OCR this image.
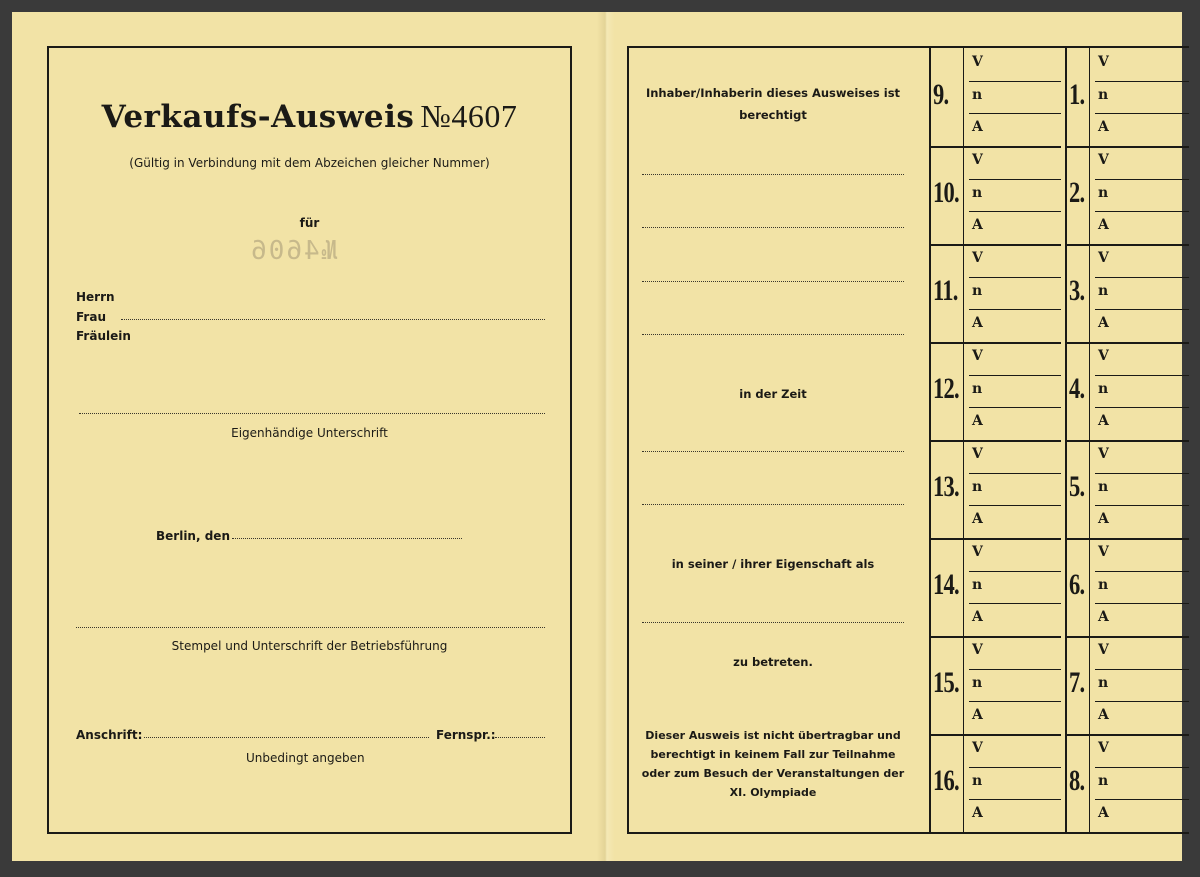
Verkaufs-Ausweis №4607
(Gültig in Verbindung mit dem Abzeichen gleicher Nummer)
für
№4606
Herrn
Frau
Fräulein
Eigenhändige Unterschrift
Berlin, den
Stempel und Unterschrift der Betriebsführung
Anschrift:	Fernspr.:
Unbedingt angeben
Inhaber/Inhaberin dieses Ausweises ist
berechtigt
in der Zeit
in seiner / ihrer Eigenschaft als
zu betreten.
Dieser Ausweis ist nicht übertragbar und
berechtigt in keinem Fall zur Teilnahme
oder zum Besuch der Veranstaltungen der
XI. Olympiade
9.
V
n
A
10.
V
n
A
11.
V
n
A
12.
V
n
A
13.
V
n
A
14.
V
n
A
15.
V
n
A
16.
V
n
A
1.
V
n
A
2.
V
n
A
3.
V
n
A
4.
V
n
A
5.
V
n
A
6.
V
n
A
7.
V
n
A
8.
V
n
A
